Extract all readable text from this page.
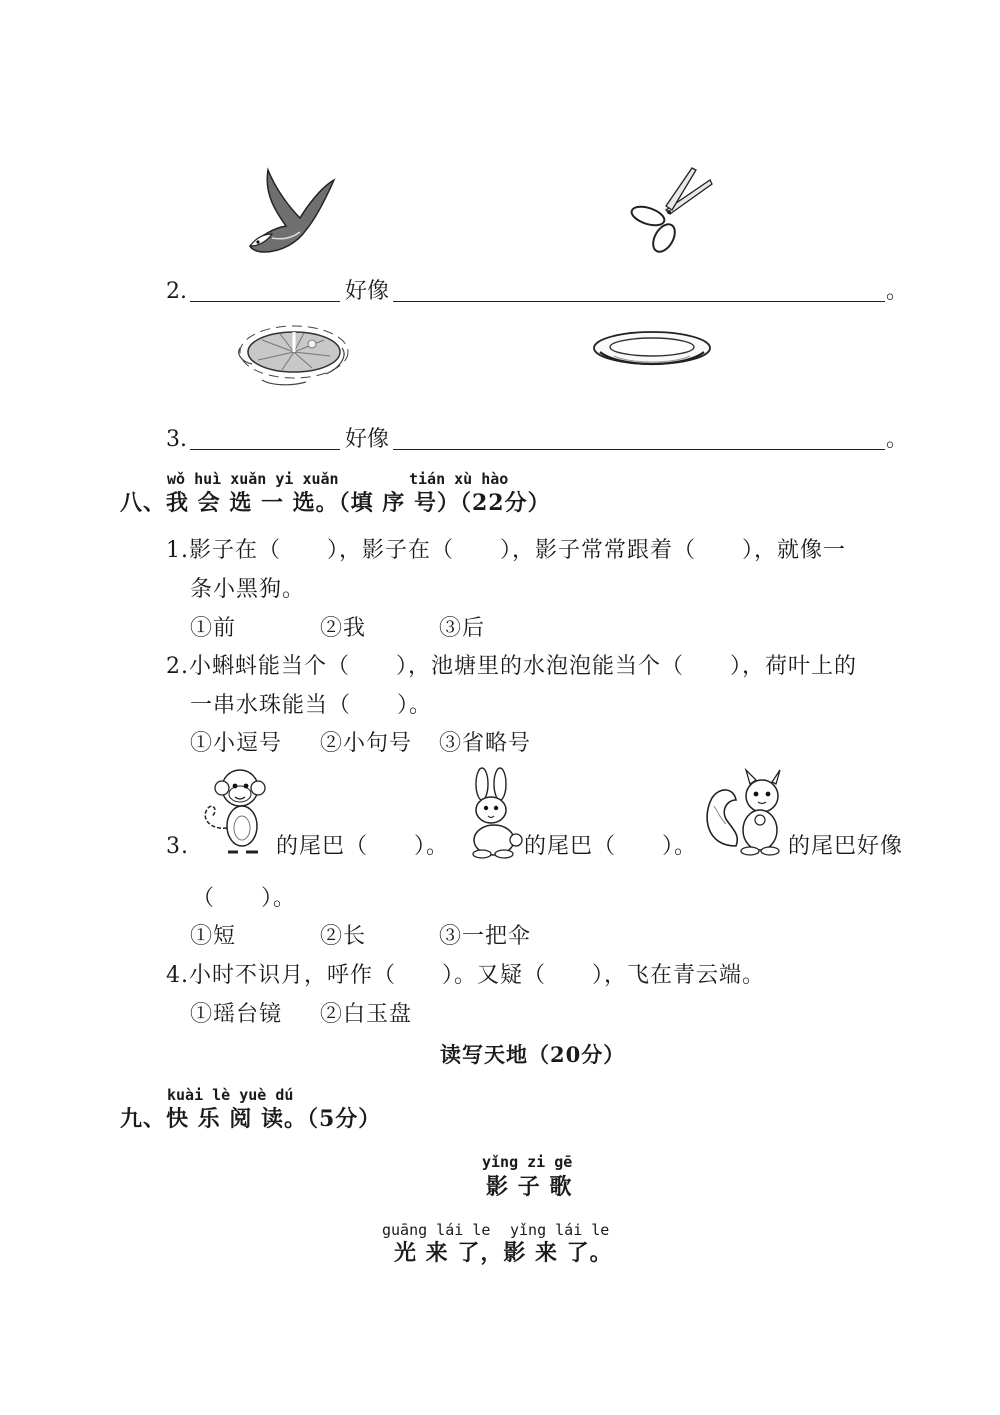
2.	好像	。
3.	好像	。
wǒ huì xuǎn yi xuǎn	tián xù hào
八、我 会 选 一 选。（填 序 号）（22分）
1.影子在（　　），影子在（　　），影子常常跟着（　　），就像一
条小黑狗。
①前	②我	③后
2.小蝌蚪能当个（　　），池塘里的水泡泡能当个（　　），荷叶上的
一串水珠能当（　　）。
①小逗号 ②小句号 ③省略号
3.	的尾巴（　　）。	的尾巴（　　）。	的尾巴好像
（　　）。
①短	②长	③一把伞
4.小时不识月，呼作（　　）。又疑（　　），飞在青云端。
①瑶台镜 ②白玉盘
读写天地（20分）
kuài lè yuè dú
九、快 乐 阅 读。（5分）
yǐng zi gē
影 子 歌
guāng lái le yǐng lái le
光 来 了，影 来 了。
